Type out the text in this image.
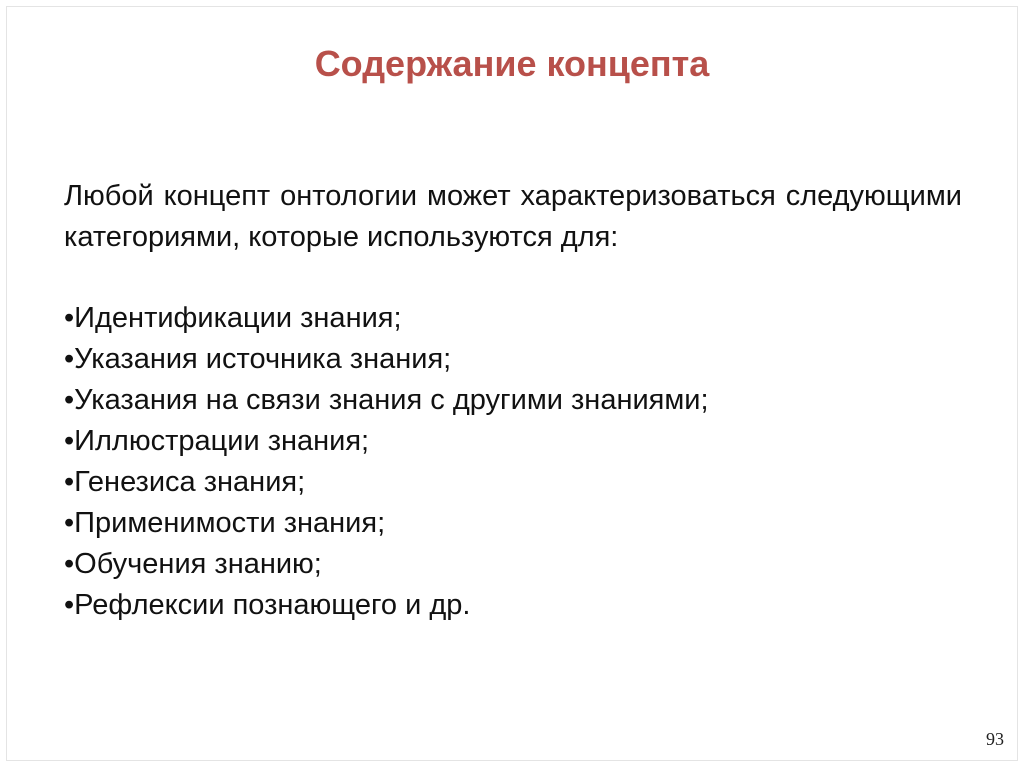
Содержание концепта

Любой концепт онтологии может характеризоваться следующими категориями, которые используются для:

•Идентификации знания;
•Указания источника знания;
•Указания на связи знания с другими знаниями;
•Иллюстрации знания;
•Генезиса знания;
•Применимости знания;
•Обучения знанию;
•Рефлексии познающего и др.
93
